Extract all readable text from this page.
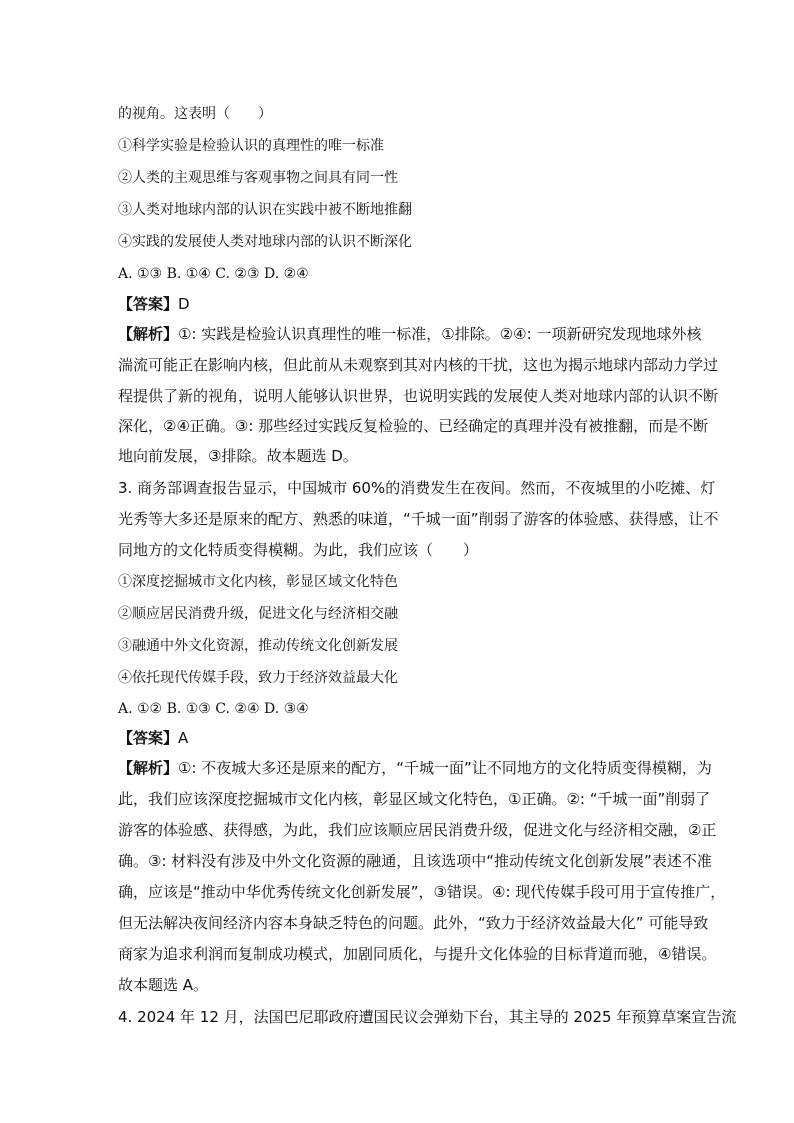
的视角。这表明（　　）
①科学实验是检验认识的真理性的唯一标准
②人类的主观思维与客观事物之间具有同一性
③人类对地球内部的认识在实践中被不断地推翻
④实践的发展使人类对地球内部的认识不断深化
A. ①③ B. ①④ C. ②③ D. ②④
【答案】D
【解析】①: 实践是检验认识真理性的唯一标准，①排除。②④: 一项新研究发现地球外核
湍流可能正在影响内核，但此前从未观察到其对内核的干扰，这也为揭示地球内部动力学过
程提供了新的视角，说明人能够认识世界，也说明实践的发展使人类对地球内部的认识不断
深化，②④正确。③: 那些经过实践反复检验的、已经确定的真理并没有被推翻，而是不断
地向前发展，③排除。故本题选 D。
3. 商务部调查报告显示，中国城市 60%的消费发生在夜间。然而，不夜城里的小吃摊、灯
光秀等大多还是原来的配方、熟悉的味道，“千城一面”削弱了游客的体验感、获得感，让不
同地方的文化特质变得模糊。为此，我们应该（　　）
①深度挖掘城市文化内核，彰显区域文化特色
②顺应居民消费升级，促进文化与经济相交融
③融通中外文化资源，推动传统文化创新发展
④依托现代传媒手段，致力于经济效益最大化
A. ①② B. ①③ C. ②④ D. ③④
【答案】A
【解析】①: 不夜城大多还是原来的配方，“千城一面”让不同地方的文化特质变得模糊，为
此，我们应该深度挖掘城市文化内核，彰显区域文化特色，①正确。②: “千城一面”削弱了
游客的体验感、获得感，为此，我们应该顺应居民消费升级，促进文化与经济相交融，②正
确。③: 材料没有涉及中外文化资源的融通，且该选项中“推动传统文化创新发展”表述不准
确，应该是“推动中华优秀传统文化创新发展”，③错误。④: 现代传媒手段可用于宣传推广，
但无法解决夜间经济内容本身缺乏特色的问题。此外，“致力于经济效益最大化” 可能导致
商家为追求利润而复制成功模式，加剧同质化，与提升文化体验的目标背道而驰，④错误。
故本题选 A。
4. 2024 年 12 月，法国巴尼耶政府遭国民议会弹劾下台，其主导的 2025 年预算草案宣告流
